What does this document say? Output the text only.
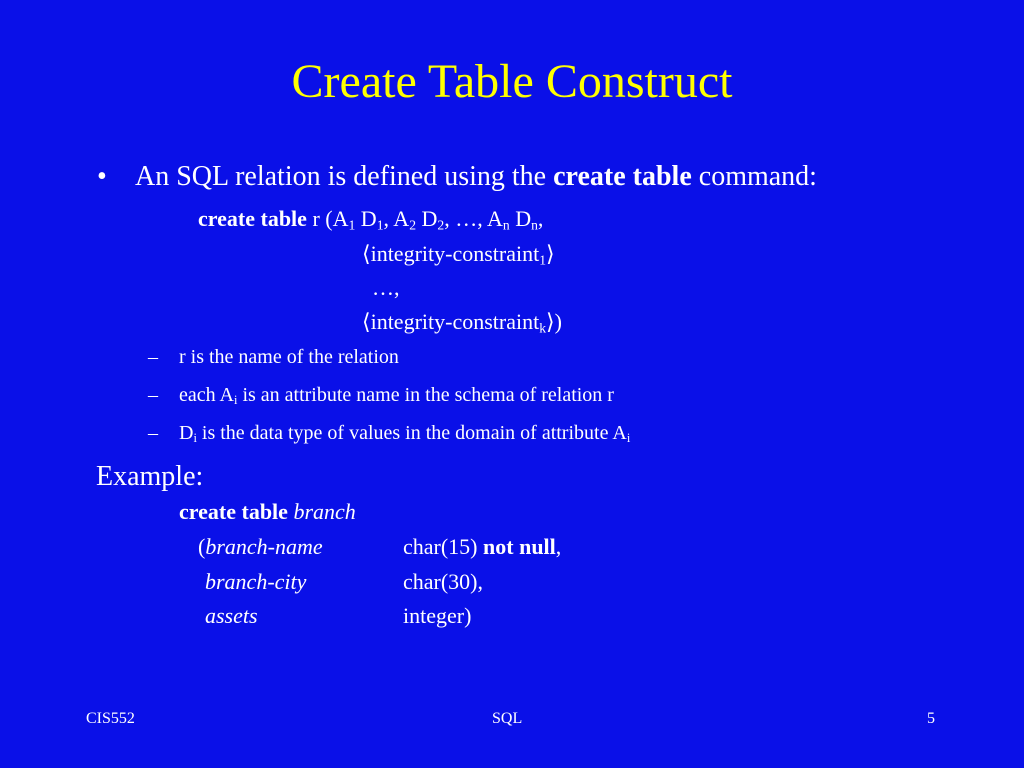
Create Table Construct
• An SQL relation is defined using the create table command:
create table r ($A_1$ $D_1$, $A_2$ $D_2$, …, $A_n$ $D_n$,
⟨integrity-constraint$_1$⟩
…,
⟨integrity-constraint$_k$⟩)
– r is the name of the relation
– each $A_i$ is an attribute name in the schema of relation r
– $D_i$ is the data type of values in the domain of attribute $A_i$
Example:
create table branch
(branch-name	char(15) not null,
branch-city	char(30),
assets	integer)
CIS552	SQL	5
